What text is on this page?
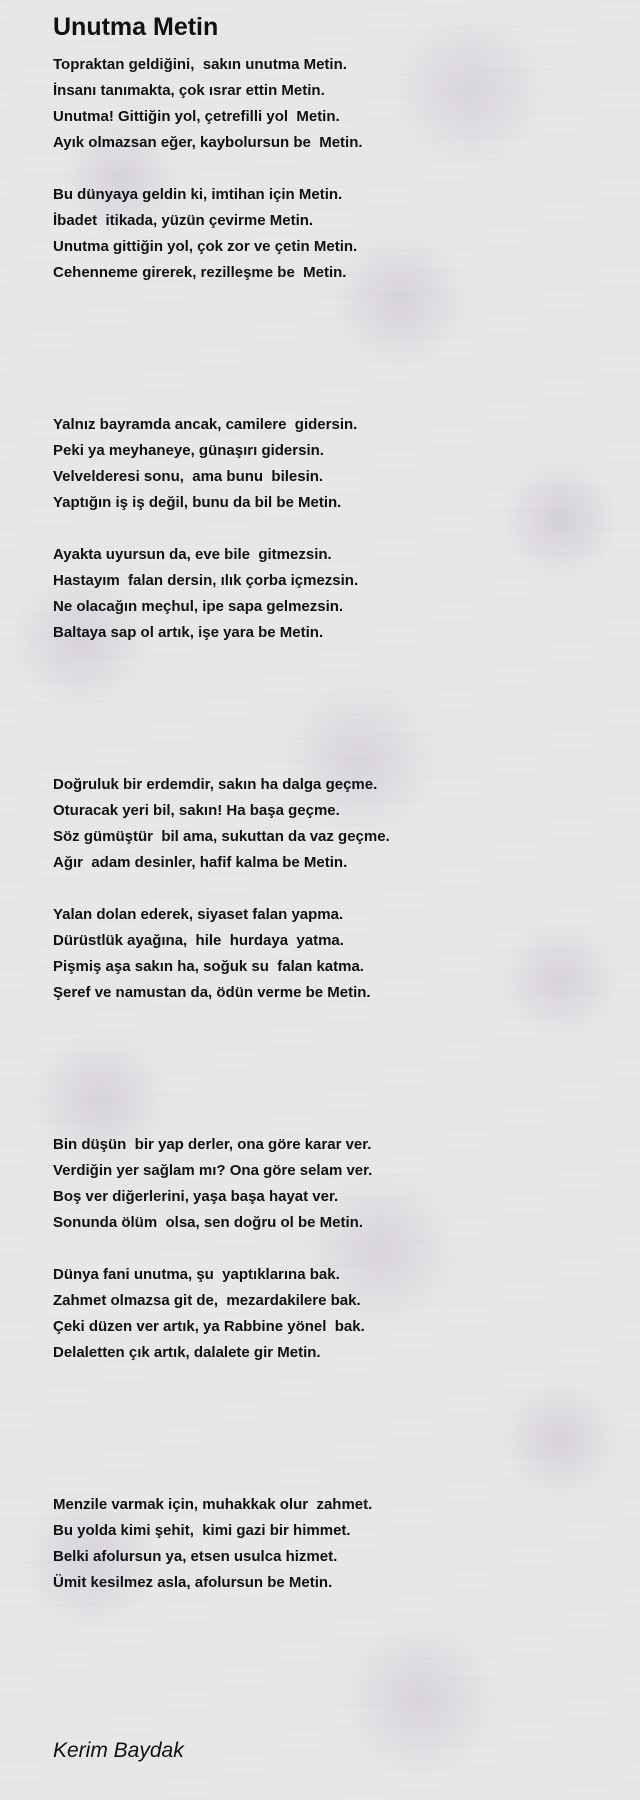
Unutma Metin
Topraktan geldiğini,  sakın unutma Metin.
İnsanı tanımakta, çok ısrar ettin Metin.
Unutma! Gittiğin yol, çetrefilli yol  Metin.
Ayık olmazsan eğer, kaybolursun be  Metin.
Bu dünyaya geldin ki, imtihan için Metin.
İbadet  itikada, yüzün çevirme Metin.
Unutma gittiğin yol, çok zor ve çetin Metin.
Cehenneme girerek, rezilleşme be  Metin.
Yalnız bayramda ancak, camilere  gidersin.
Peki ya meyhaneye, günaşırı gidersin.
Velvelderesi sonu,  ama bunu  bilesin.
Yaptığın iş iş değil, bunu da bil be Metin.
Ayakta uyursun da, eve bile  gitmezsin.
Hastayım  falan dersin, ılık çorba içmezsin.
Ne olacağın meçhul, ipe sapa gelmezsin.
Baltaya sap ol artık, işe yara be Metin.
Doğruluk bir erdemdir, sakın ha dalga geçme.
Oturacak yeri bil, sakın! Ha başa geçme.
Söz gümüştür  bil ama, sukuttan da vaz geçme.
Ağır  adam desinler, hafif kalma be Metin.
Yalan dolan ederek, siyaset falan yapma.
Dürüstlük ayağına,  hile  hurdaya  yatma.
Pişmiş aşa sakın ha, soğuk su  falan katma.
Şeref ve namustan da, ödün verme be Metin.
Bin düşün  bir yap derler, ona göre karar ver.
Verdiğin yer sağlam mı? Ona göre selam ver.
Boş ver diğerlerini, yaşa başa hayat ver.
Sonunda ölüm  olsa, sen doğru ol be Metin.
Dünya fani unutma, şu  yaptıklarına bak.
Zahmet olmazsa git de,  mezardakilere bak.
Çeki düzen ver artık, ya Rabbine yönel  bak.
Delaletten çık artık, dalalete gir Metin.
Menzile varmak için, muhakkak olur  zahmet.
Bu yolda kimi şehit,  kimi gazi bir himmet.
Belki afolursun ya, etsen usulca hizmet.
Ümit kesilmez asla, afolursun be Metin.
Kerim Baydak
